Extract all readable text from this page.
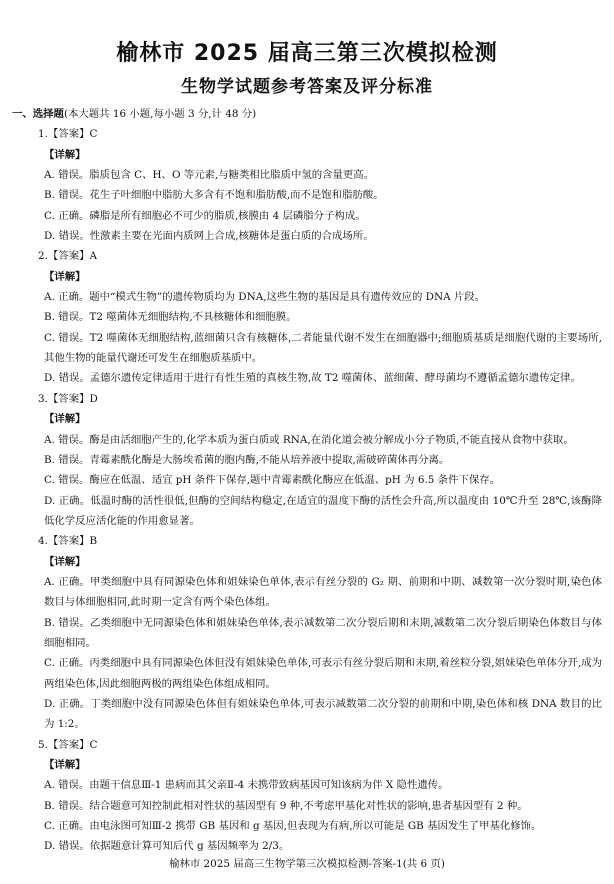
榆林市 2025 届高三第三次模拟检测
生物学试题参考答案及评分标准

一、选择题(本大题共 16 小题,每小题 3 分,计 48 分)

1.【答案】C

【详解】

A. 错误。脂质包含 C、H、O 等元素,与糖类相比脂质中氢的含量更高。

B. 错误。花生子叶细胞中脂肪大多含有不饱和脂肪酸,而不是饱和脂肪酸。

C. 正确。磷脂是所有细胞必不可少的脂质,核膜由 4 层磷脂分子构成。

D. 错误。性激素主要在光面内质网上合成,核糖体是蛋白质的合成场所。

2.【答案】A

【详解】

A. 正确。题中“模式生物”的遗传物质均为 DNA,这些生物的基因是具有遗传效应的 DNA 片段。

B. 错误。T2 噬菌体无细胞结构,不具核糖体和细胞膜。

C. 错误。T2 噬菌体无细胞结构,蓝细菌只含有核糖体,二者能量代谢不发生在细胞器中;细胞质基质是细胞代谢的主要场所,其他生物的能量代谢还可发生在细胞质基质中。

D. 错误。孟德尔遗传定律适用于进行有性生殖的真核生物,故 T2 噬菌体、蓝细菌、酵母菌均不遵循孟德尔遗传定律。

3.【答案】D

【详解】

A. 错误。酶是由活细胞产生的,化学本质为蛋白质或 RNA,在消化道会被分解成小分子物质,不能直接从食物中获取。

B. 错误。青霉素酰化酶是大肠埃希菌的胞内酶,不能从培养液中提取,需破碎菌体再分离。

C. 错误。酶应在低温、适宜 pH 条件下保存,题中青霉素酰化酶应在低温、pH 为 6.5 条件下保存。

D. 正确。低温时酶的活性很低,但酶的空间结构稳定,在适宜的温度下酶的活性会升高,所以温度由 10℃升至 28℃,该酶降低化学反应活化能的作用愈显著。

4.【答案】B

【详解】

A. 正确。甲类细胞中具有同源染色体和姐妹染色单体,表示有丝分裂的 G₂ 期、前期和中期、减数第一次分裂时期,染色体数目与体细胞相同,此时期一定含有两个染色体组。

B. 错误。乙类细胞中无同源染色体和姐妹染色单体,表示减数第二次分裂后期和末期,减数第二次分裂后期染色体数目与体细胞相同。

C. 正确。丙类细胞中具有同源染色体但没有姐妹染色单体,可表示有丝分裂后期和末期,着丝粒分裂,姐妹染色单体分开,成为两组染色体,因此细胞两极的两组染色体组成相同。

D. 正确。丁类细胞中没有同源染色体但有姐妹染色单体,可表示减数第二次分裂的前期和中期,染色体和核 DNA 数目的比为 1:2。

5.【答案】C

【详解】

A. 错误。由题干信息Ⅲ-1 患病而其父亲Ⅱ-4 未携带致病基因可知该病为伴 X 隐性遗传。

B. 错误。结合题意可知控制此相对性状的基因型有 9 种,不考虑甲基化对性状的影响,患者基因型有 2 种。

C. 正确。由电泳图可知Ⅲ-2 携带 GB 基因和 g 基因,但表现为有病,所以可能是 GB 基因发生了甲基化修饰。

D. 错误。依据题意计算可知后代 g 基因频率为 2/3。

榆林市 2025 届高三生物学第三次模拟检测-答案-1(共 6 页)
